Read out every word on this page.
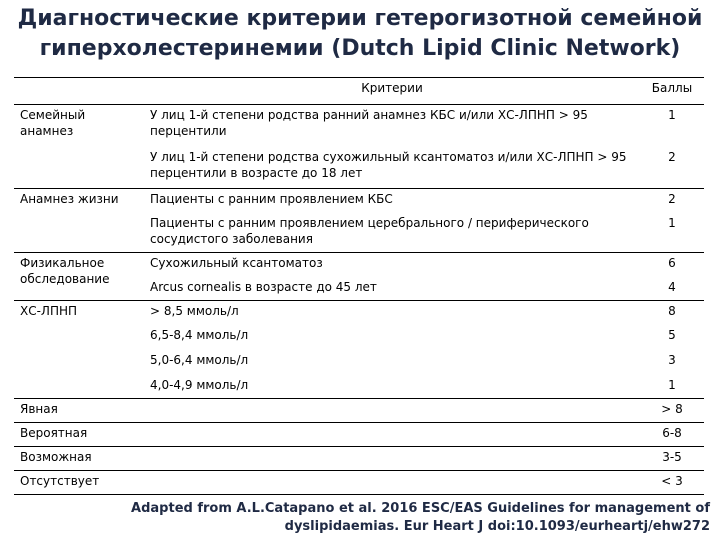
Диагностические критерии гетерогизотной семейной
гиперхолестеринемии (Dutch Lipid Clinic Network)
	Критерии	Баллы
Семейный анамнез	У лиц 1-й степени родства ранний анамнез КБС и/или ХС-ЛПНП > 95 перцентили	1
	У лиц 1-й степени родства сухожильный ксантоматоз и/или ХС-ЛПНП > 95 перцентили в возрасте до 18 лет	2
Анамнез жизни	Пациенты с ранним проявлением КБС	2
	Пациенты с ранним проявлением церебрального / периферического сосудистого заболевания	1
Физикальное обследование	Сухожильный ксантоматоз	6
	Arcus cornealis в возрасте до 45 лет	4
ХС-ЛПНП	> 8,5 ммоль/л	8
	6,5-8,4 ммоль/л	5
	5,0-6,4 ммоль/л	3
	4,0-4,9 ммоль/л	1
Явная		> 8
Вероятная		6-8
Возможная		3-5
Отсутствует		< 3
Adapted from A.L.Catapano et al. 2016 ESC/EAS Guidelines for management of
dyslipidaemias. Eur Heart J doi:10.1093/eurheartj/ehw272
